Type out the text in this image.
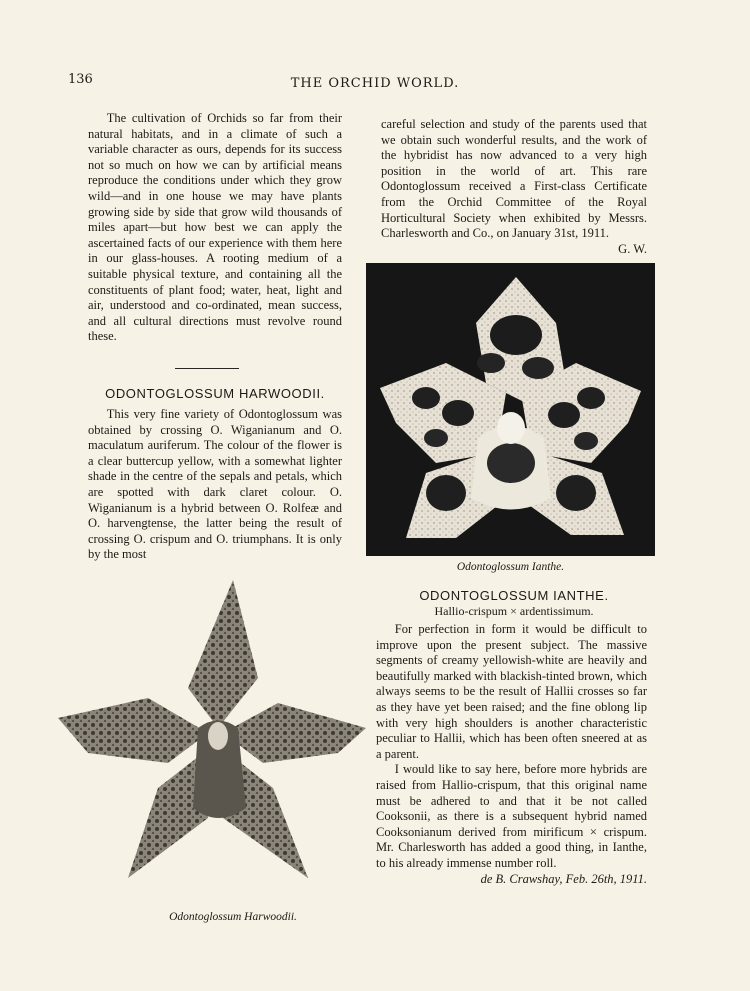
136	THE ORCHID WORLD.

The cultivation of Orchids so far from their natural habitats, and in a climate of such a variable character as ours, depends for its success not so much on how we can by artificial means reproduce the conditions under which they grow wild—and in one house we may have plants growing side by side that grow wild thousands of miles apart—but how best we can apply the ascertained facts of our experience with them here in our glass-houses. A rooting medium of a suitable physical texture, and containing all the constituents of plant food; water, heat, light and air, understood and co-ordinated, mean success, and all cultural directions must revolve round these.

careful selection and study of the parents used that we obtain such wonderful results, and the work of the hybridist has now advanced to a very high position in the world of art. This rare Odontoglossum received a First-class Certificate from the Orchid Committee of the Royal Horticultural Society when exhibited by Messrs. Charlesworth and Co., on January 31st, 1911.

G. W.
ODONTOGLOSSUM HARWOODII.

This very fine variety of Odontoglossum was obtained by crossing O. Wiganianum and O. maculatum auriferum. The colour of the flower is a clear buttercup yellow, with a somewhat lighter shade in the centre of the sepals and petals, which are spotted with dark claret colour. O. Wiganianum is a hybrid between O. Rolfeæ and O. harvengtense, the latter being the result of crossing O. crispum and O. triumphans. It is only by the most

Odontoglossum Ianthe.
ODONTOGLOSSUM IANTHE.
Hallio-crispum × ardentissimum.

For perfection in form it would be difficult to improve upon the present subject. The massive segments of creamy yellowish-white are heavily and beautifully marked with blackish-tinted brown, which always seems to be the result of Hallii crosses so far as they have yet been raised; and the fine oblong lip with very high shoulders is another characteristic peculiar to Hallii, which has been often sneered at as a parent.

I would like to say here, before more hybrids are raised from Hallio-crispum, that this original name must be adhered to and that it be not called Cooksonii, as there is a subsequent hybrid named Cooksonianum derived from mirificum × crispum. Mr. Charlesworth has added a good thing, in Ianthe, to his already immense number roll.

de B. Crawshay, Feb. 26th, 1911.
Odontoglossum Harwoodii.
